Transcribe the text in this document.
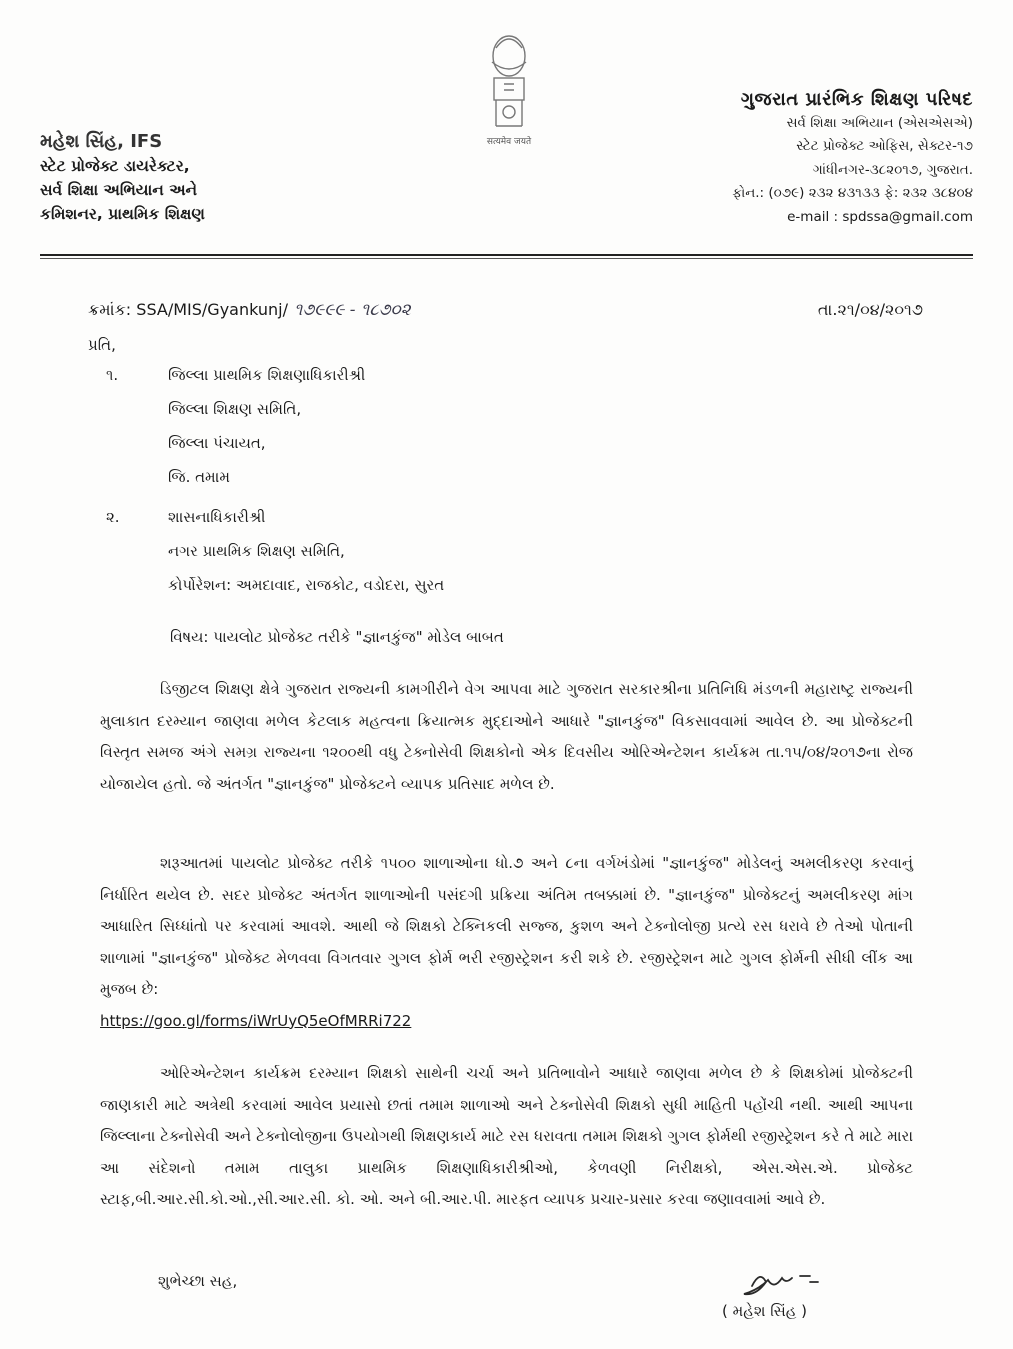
सत्यमेव जयते
મહેશ સિંહ, IFS
સ્ટેટ પ્રોજેક્ટ ડાયરેક્ટર,
સર્વ શિક્ષા અભિયાન અને
કમિશનર, પ્રાથમિક શિક્ષણ
ગુજરાત પ્રારંભિક શિક્ષણ પરિષદ
સર્વ શિક્ષા અભિયાન (એસએસએ)
સ્ટેટ પ્રોજેક્ટ ઓફિસ, સેક્ટર-૧૭
ગાંધીનગર-૩૮૨૦૧૭, ગુજરાત.
ફોન.: (૦૭૯) ૨૩૨ ૪૩૧૩૩ ફે: ૨૩૨ ૩૮૪૦૪
e-mail : spdssa@gmail.com
ક્રમાંક: SSA/MIS/Gyankunj/ ૧૭૯૯૯ - ૧૮૭૦૨	તા.૨૧/૦૪/૨૦૧૭
પ્રતિ,
૧.	જિલ્લા પ્રાથમિક શિક્ષણાધિકારીશ્રી
જિલ્લા શિક્ષણ સમિતિ,
જિલ્લા પંચાયત,
જિ. તમામ
૨.	શાસનાધિકારીશ્રી
નગર પ્રાથમિક શિક્ષણ સમિતિ,
કોર્પોરેશન: અમદાવાદ, રાજકોટ, વડોદરા, સુરત
વિષય: પાયલોટ પ્રોજેક્ટ તરીકે "જ્ઞાનકુંજ" મોડેલ બાબત

ડિજીટલ શિક્ષણ ક્ષેત્રે ગુજરાત રાજ્યની કામગીરીને વેગ આપવા માટે ગુજરાત સરકારશ્રીના પ્રતિનિધિ મંડળની મહારાષ્ટ્ર રાજ્યની મુલાકાત દરમ્યાન જાણવા મળેલ કેટલાક મહત્વના ક્રિયાત્મક મુદ્દાઓને આધારે "જ્ઞાનકુંજ" વિકસાવવામાં આવેલ છે. આ પ્રોજેક્ટની વિસ્તૃત સમજ અંગે સમગ્ર રાજ્યના ૧૨૦૦થી વધુ ટેક્નોસેવી શિક્ષકોનો એક દિવસીય ઓરિએન્ટેશન કાર્યક્રમ તા.૧૫/૦૪/૨૦૧૭ના રોજ યોજાયેલ હતો. જે અંતર્ગત "જ્ઞાનકુંજ" પ્રોજેક્ટને વ્યાપક પ્રતિસાદ મળેલ છે.

શરૂઆતમાં પાયલોટ પ્રોજેક્ટ તરીકે ૧૫૦૦ શાળાઓના ધો.૭ અને ૮ના વર્ગખંડોમાં "જ્ઞાનકુંજ" મોડેલનું અમલીકરણ કરવાનું નિર્ધારિત થયેલ છે. સદર પ્રોજેક્ટ અંતર્ગત શાળાઓની પસંદગી પ્રક્રિયા અંતિમ તબક્કામાં છે. "જ્ઞાનકુંજ" પ્રોજેક્ટનું અમલીકરણ માંગ આધારિત સિધ્ધાંતો પર કરવામાં આવશે. આથી જે શિક્ષકો ટેક્નિકલી સજ્જ, કુશળ અને ટેક્નોલોજી પ્રત્યે રસ ધરાવે છે તેઓ પોતાની શાળામાં "જ્ઞાનકુંજ" પ્રોજેક્ટ મેળવવા વિગતવાર ગુગલ ફોર્મ ભરી રજીસ્ટ્રેશન કરી શકે છે. રજીસ્ટ્રેશન માટે ગુગલ ફોર્મની સીધી લીંક આ મુજબ છે:

https://goo.gl/forms/iWrUyQ5eOfMRRi722

ઓરિએન્ટેશન કાર્યક્રમ દરમ્યાન શિક્ષકો સાથેની ચર્ચા અને પ્રતિભાવોને આધારે જાણવા મળેલ છે કે શિક્ષકોમાં પ્રોજેક્ટની જાણકારી માટે અત્રેથી કરવામાં આવેલ પ્રયાસો છતાં તમામ શાળાઓ અને ટેક્નોસેવી શિક્ષકો સુધી માહિતી પહોંચી નથી. આથી આપના જિલ્લાના ટેક્નોસેવી અને ટેક્નોલોજીના ઉપયોગથી શિક્ષણકાર્ય માટે રસ ધરાવતા તમામ શિક્ષકો ગુગલ ફોર્મથી રજીસ્ટ્રેશન કરે તે માટે મારા આ સંદેશનો તમામ તાલુકા પ્રાથમિક શિક્ષણાધિકારીશ્રીઓ, કેળવણી નિરીક્ષકો, એસ.એસ.એ. પ્રોજેક્ટ સ્ટાફ,બી.આર.સી.કો.ઓ.,સી.આર.સી. કો. ઓ. અને બી.આર.પી. મારફત વ્યાપક પ્રચાર-પ્રસાર કરવા જણાવવામાં આવે છે.

શુભેચ્છા સહ,
( મહેશ સિંહ )
